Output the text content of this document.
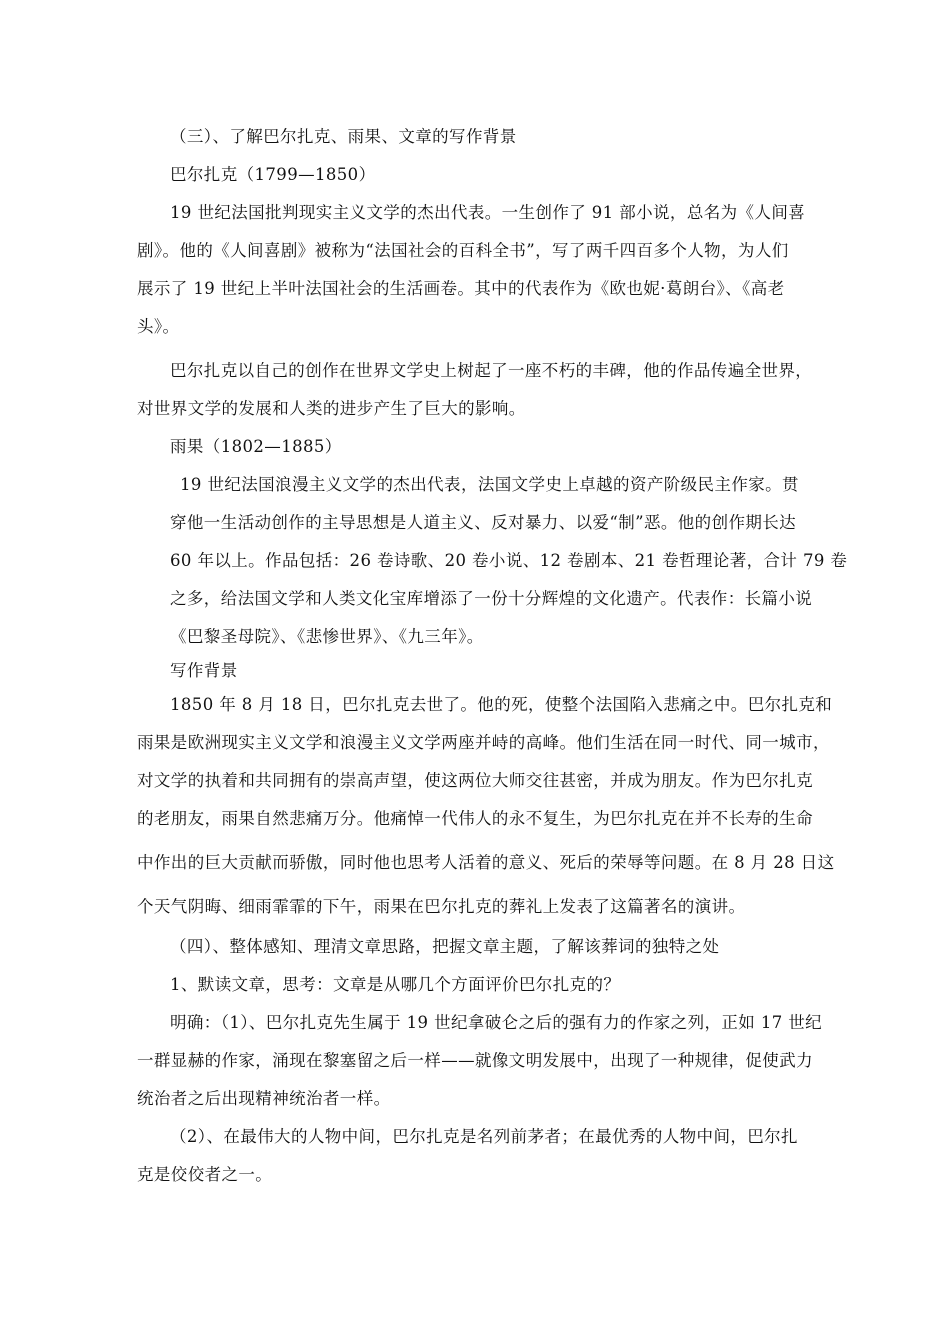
（三）、了解巴尔扎克、雨果、文章的写作背景
巴尔扎克（1799—1850）
19 世纪法国批判现实主义文学的杰出代表。一生创作了 91 部小说，总名为《人间喜
剧》。他的《人间喜剧》被称为“法国社会的百科全书”，写了两千四百多个人物，为人们
展示了 19 世纪上半叶法国社会的生活画卷。其中的代表作为《欧也妮·葛朗台》、《高老
头》。
巴尔扎克以自己的创作在世界文学史上树起了一座不朽的丰碑，他的作品传遍全世界，
对世界文学的发展和人类的进步产生了巨大的影响。
雨果（1802—1885）
19 世纪法国浪漫主义文学的杰出代表，法国文学史上卓越的资产阶级民主作家。贯
穿他一生活动创作的主导思想是人道主义、反对暴力、以爱“制”恶。他的创作期长达
60 年以上。作品包括：26 卷诗歌、20 卷小说、12 卷剧本、21 卷哲理论著，合计 79 卷
之多，给法国文学和人类文化宝库增添了一份十分辉煌的文化遗产。代表作：长篇小说
《巴黎圣母院》、《悲惨世界》、《九三年》。
写作背景
1850 年 8 月 18 日，巴尔扎克去世了。他的死，使整个法国陷入悲痛之中。巴尔扎克和
雨果是欧洲现实主义文学和浪漫主义文学两座并峙的高峰。他们生活在同一时代、同一城市，
对文学的执着和共同拥有的崇高声望，使这两位大师交往甚密，并成为朋友。作为巴尔扎克
的老朋友，雨果自然悲痛万分。他痛悼一代伟人的永不复生，为巴尔扎克在并不长寿的生命
中作出的巨大贡献而骄傲，同时他也思考人活着的意义、死后的荣辱等问题。在 8 月 28 日这
个天气阴晦、细雨霏霏的下午，雨果在巴尔扎克的葬礼上发表了这篇著名的演讲。
（四）、整体感知、理清文章思路，把握文章主题，了解该葬词的独特之处
1、默读文章，思考：文章是从哪几个方面评价巴尔扎克的？
明确：（1）、巴尔扎克先生属于 19 世纪拿破仑之后的强有力的作家之列，正如 17 世纪
一群显赫的作家，涌现在黎塞留之后一样——就像文明发展中，出现了一种规律，促使武力
统治者之后出现精神统治者一样。
（2）、在最伟大的人物中间，巴尔扎克是名列前茅者；在最优秀的人物中间，巴尔扎
克是佼佼者之一。
